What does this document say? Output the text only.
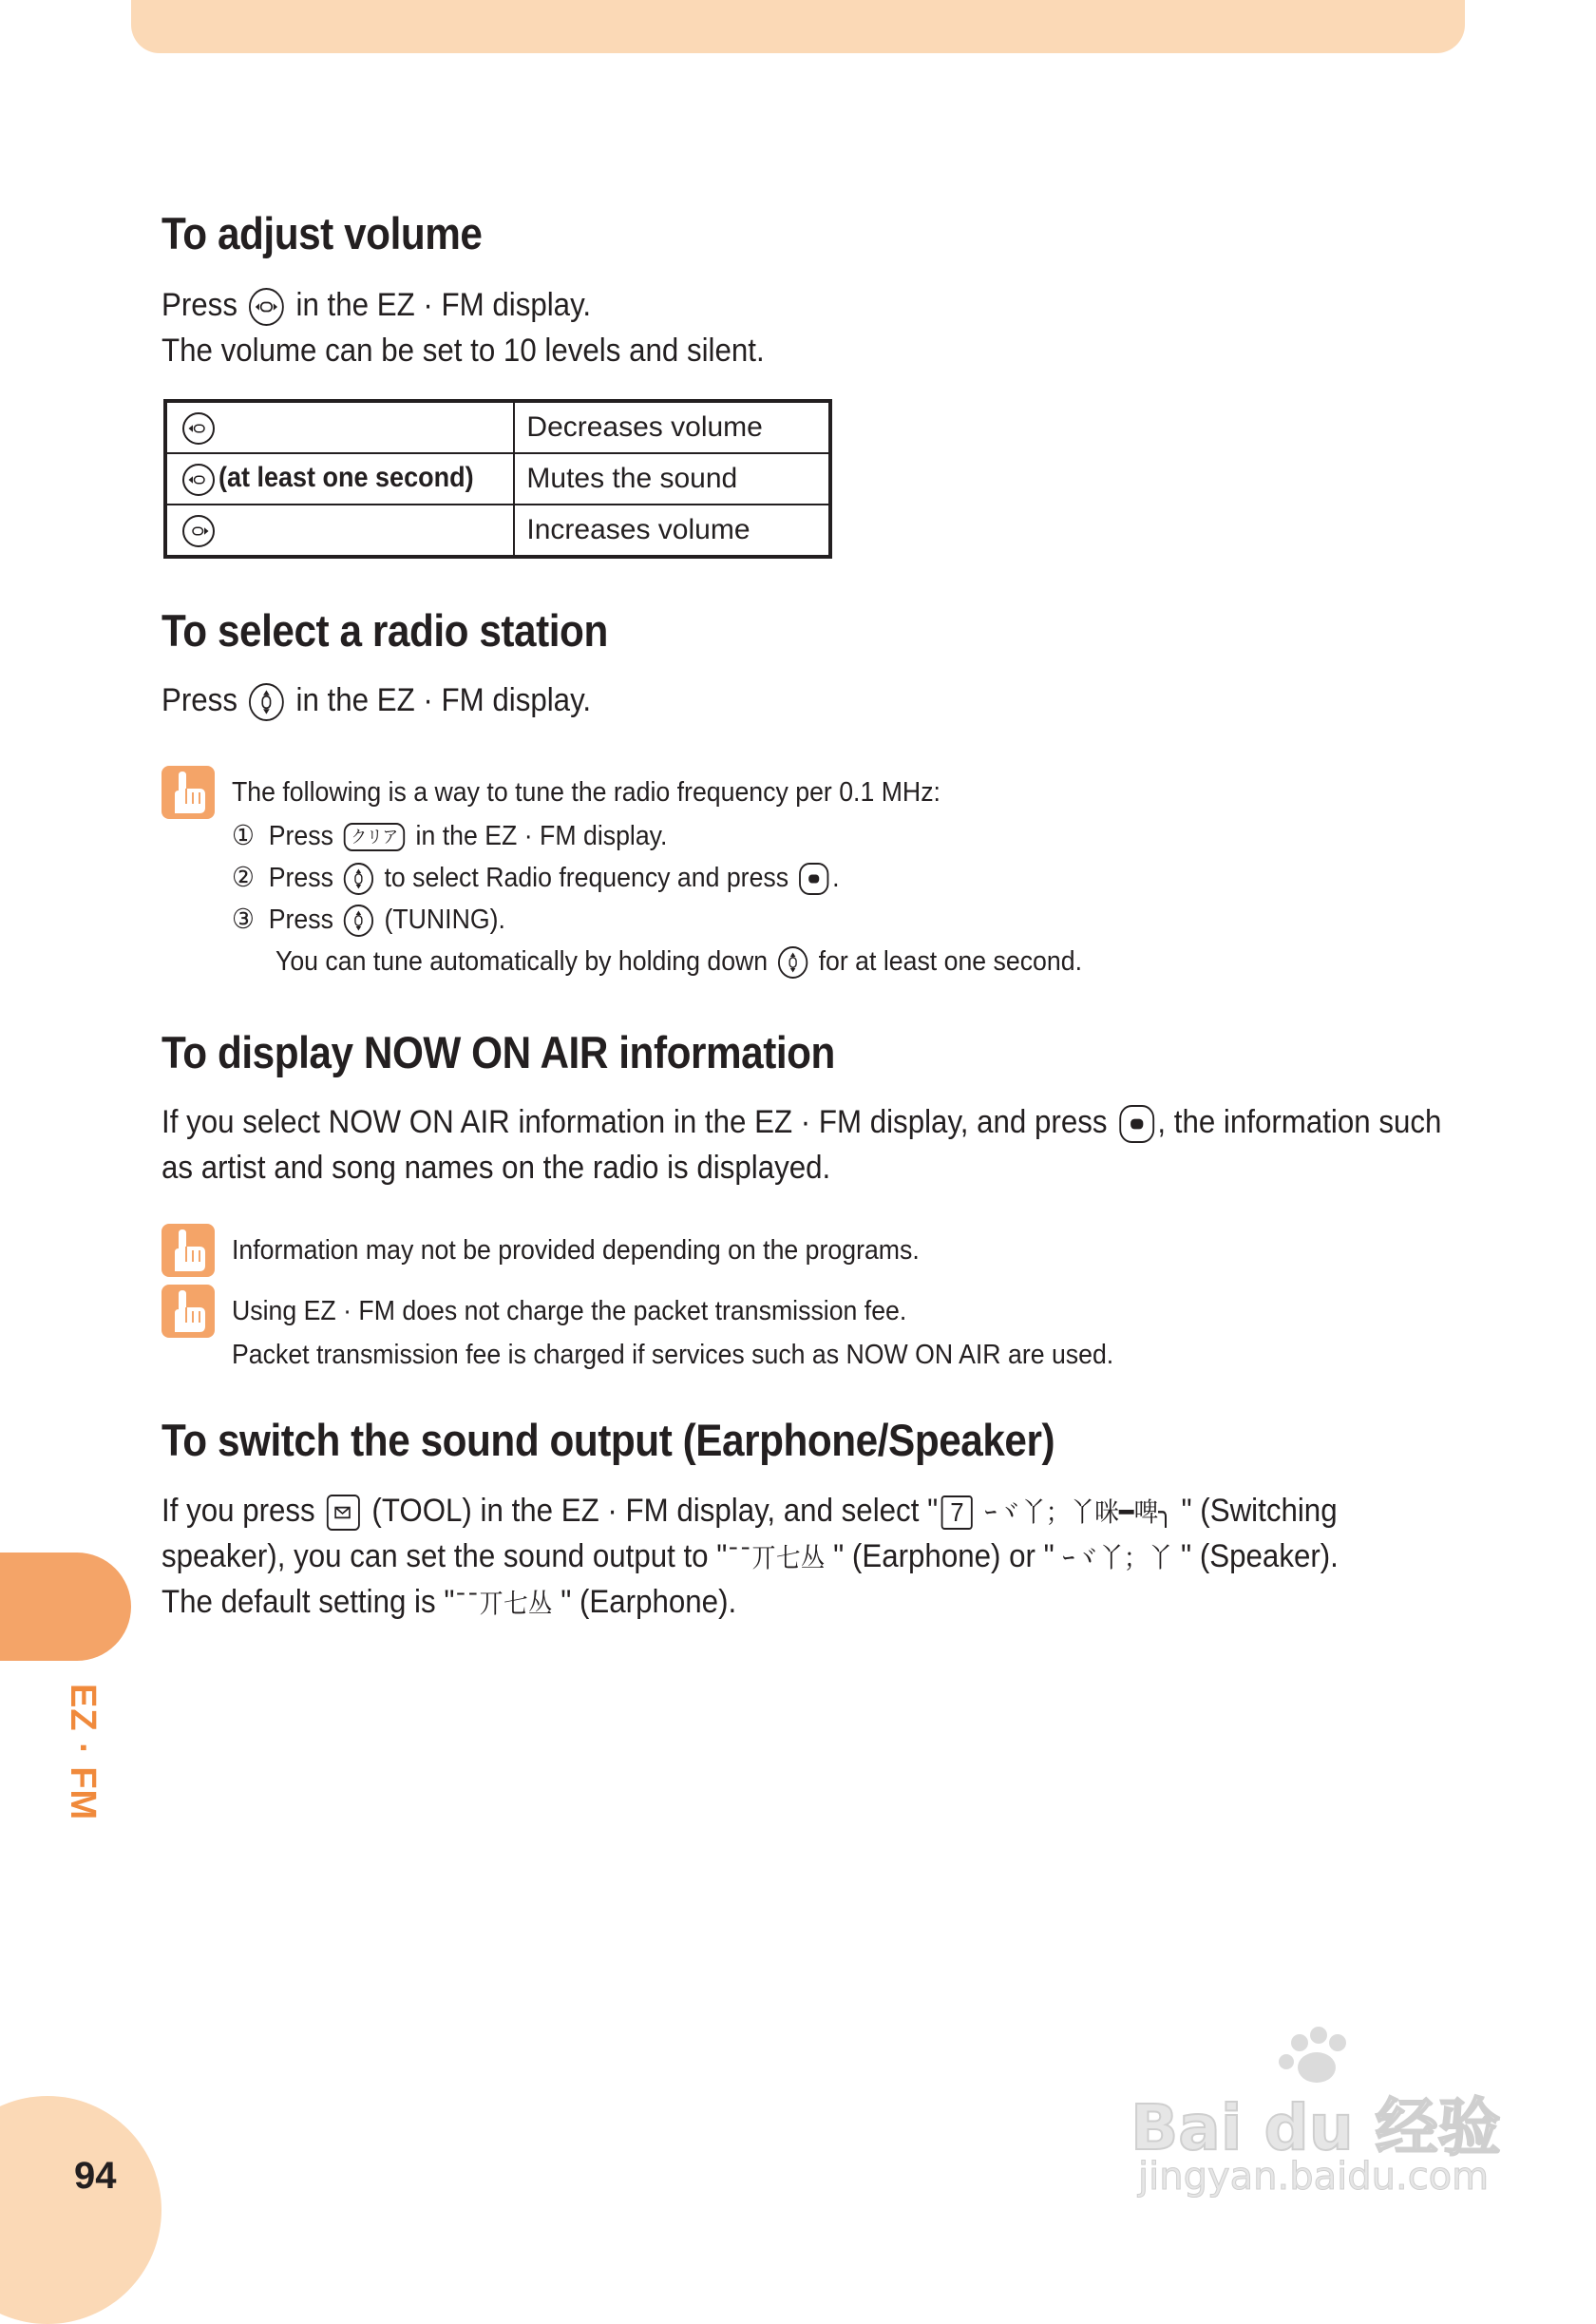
EZ · FM
94
To adjust volume
Press in the EZ · FM display.
The volume can be set to 10 levels and silent.
	Decreases volume

(at least one second)	Mutes the sound

	Increases volume
To select a radio station
Press in the EZ · FM display.
The following is a way to tune the radio frequency per 0.1 MHz:
① Press クリア in the EZ · FM display.
② Press to select Radio frequency and press .
③ Press (TUNING).
You can tune automatically by holding down for at least one second.
To display NOW ON AIR information
If you select NOW ON AIR information in the EZ · FM display, and press , the information such
as artist and song names on the radio is displayed.
Information may not be provided depending on the programs.
Using EZ · FM does not charge the packet transmission fee.
Packet transmission fee is charged if services such as NOW ON AIR are used.
To switch the sound output (Earphone/Speaker)
If you press (TOOL) in the EZ · FM display, and select " 7 ｰヾ丫；丫咪━啤╮ " (Switching
speaker), you can set the sound output to "ˉˉ丌七丛 " (Earphone) or " ｰヾ丫；丫 " (Speaker).
The default setting is "ˉˉ丌七丛 " (Earphone).
Bai du 经验
jingyan.baidu.com
